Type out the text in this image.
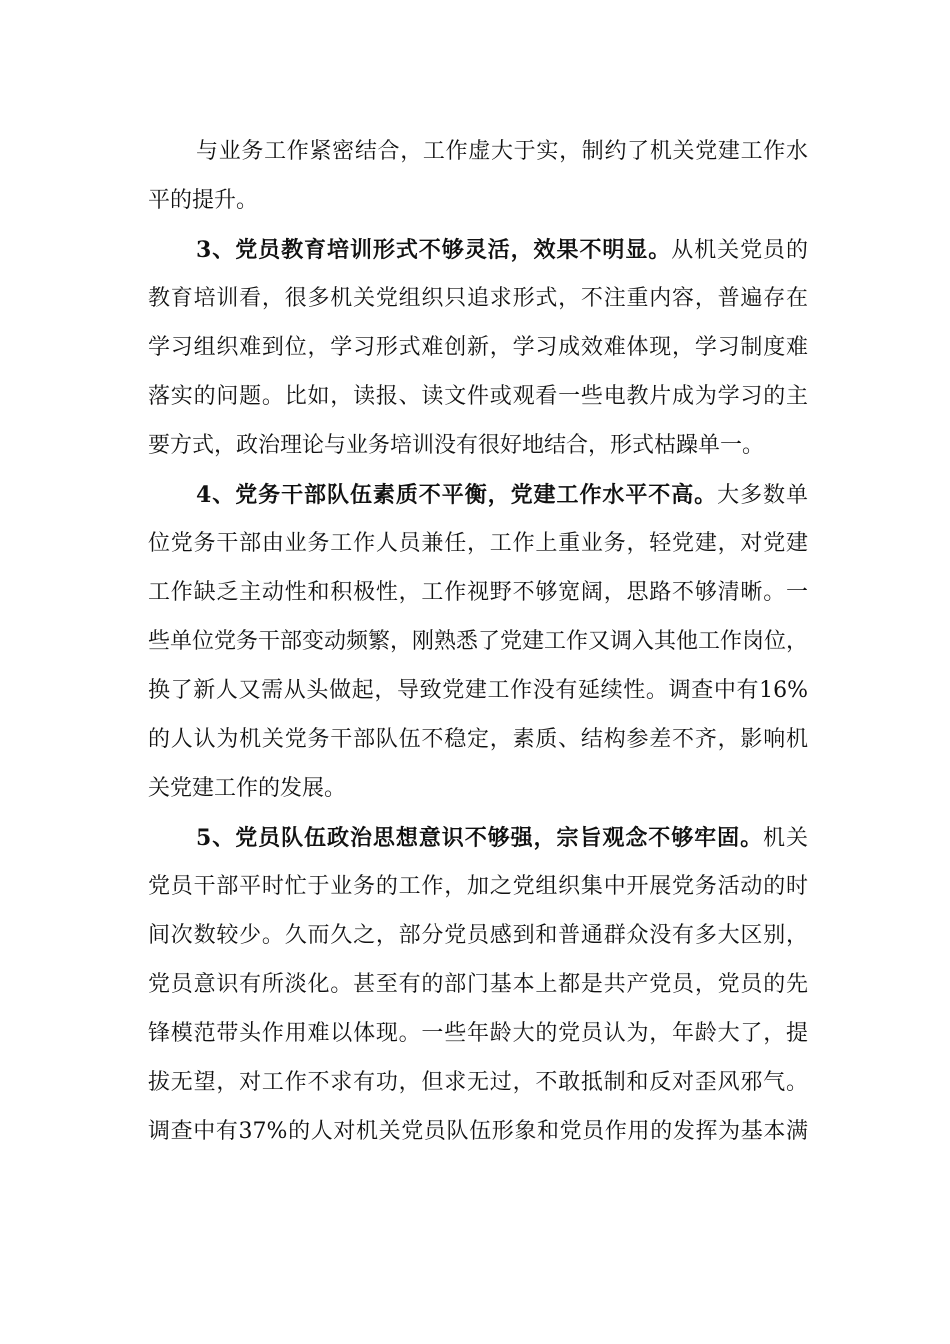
与业务工作紧密结合，工作虚大于实，制约了机关党建工作水
平的提升。
3、党员教育培训形式不够灵活，效果不明显。从机关党员的
教育培训看，很多机关党组织只追求形式，不注重内容，普遍存在
学习组织难到位，学习形式难创新，学习成效难体现，学习制度难
落实的问题。比如，读报、读文件或观看一些电教片成为学习的主
要方式，政治理论与业务培训没有很好地结合，形式枯躁单一。
4、党务干部队伍素质不平衡，党建工作水平不高。大多数单
位党务干部由业务工作人员兼任，工作上重业务，轻党建，对党建
工作缺乏主动性和积极性，工作视野不够宽阔，思路不够清晰。一
些单位党务干部变动频繁，刚熟悉了党建工作又调入其他工作岗位，
换了新人又需从头做起，导致党建工作没有延续性。调查中有16%
的人认为机关党务干部队伍不稳定，素质、结构参差不齐，影响机
关党建工作的发展。
5、党员队伍政治思想意识不够强，宗旨观念不够牢固。机关
党员干部平时忙于业务的工作，加之党组织集中开展党务活动的时
间次数较少。久而久之，部分党员感到和普通群众没有多大区别，
党员意识有所淡化。甚至有的部门基本上都是共产党员，党员的先
锋模范带头作用难以体现。一些年龄大的党员认为，年龄大了，提
拔无望，对工作不求有功，但求无过，不敢抵制和反对歪风邪气。
调查中有37%的人对机关党员队伍形象和党员作用的发挥为基本满
